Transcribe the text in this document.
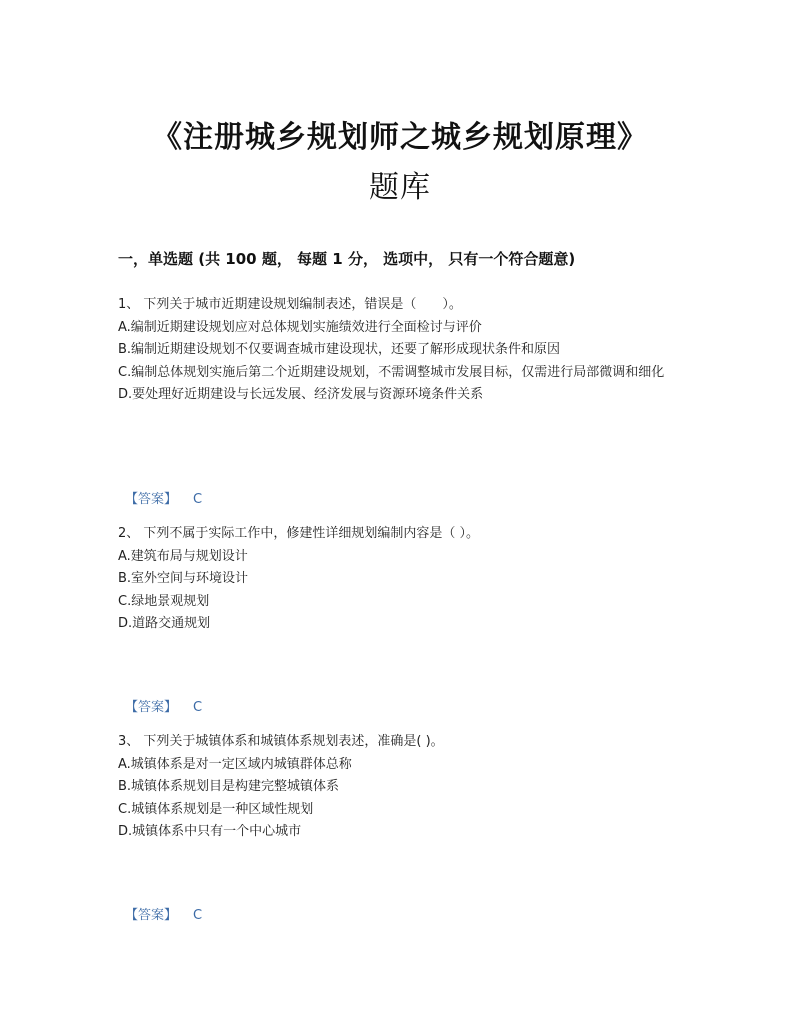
《注册城乡规划师之城乡规划原理》
题库
一，单选题 (共 100 题， 每题 1 分， 选项中， 只有一个符合题意)
1、 下列关于城市近期建设规划编制表述，错误是（　　）。
A.编制近期建设规划应对总体规划实施绩效进行全面检讨与评价
B.编制近期建设规划不仅要调查城市建设现状，还要了解形成现状条件和原因
C.编制总体规划实施后第二个近期建设规划，不需调整城市发展目标，仅需进行局部微调和细化
D.要处理好近期建设与长远发展、经济发展与资源环境条件关系
【答案】 C
2、 下列不属于实际工作中，修建性详细规划编制内容是（ ）。
A.建筑布局与规划设计
B.室外空间与环境设计
C.绿地景观规划
D.道路交通规划
【答案】 C
3、 下列关于城镇体系和城镇体系规划表述，准确是( )。
A.城镇体系是对一定区域内城镇群体总称
B.城镇体系规划目是构建完整城镇体系
C.城镇体系规划是一种区域性规划
D.城镇体系中只有一个中心城市
【答案】 C
